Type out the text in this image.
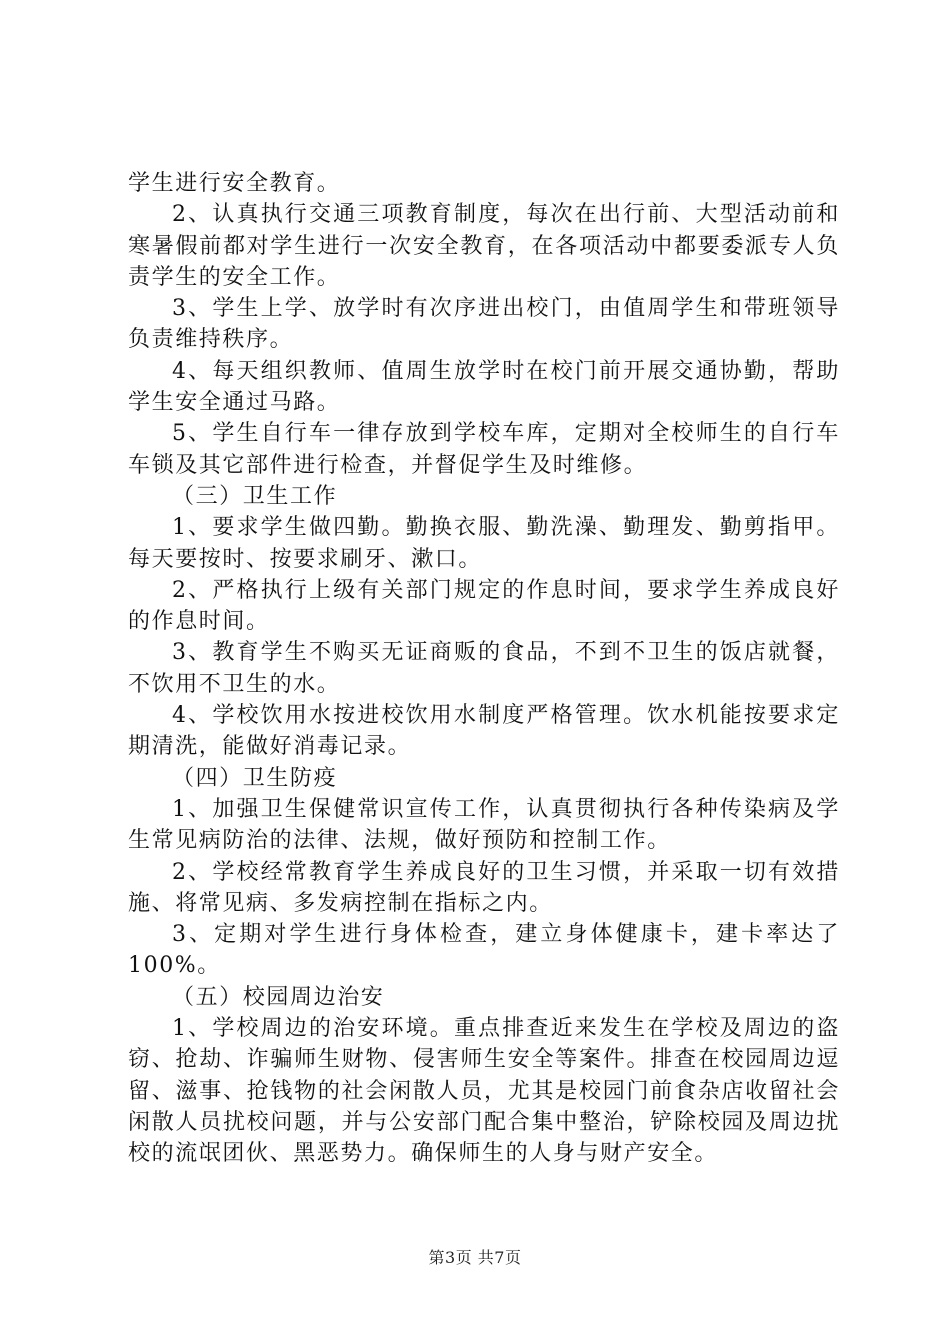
学生进行安全教育。

2、认真执行交通三项教育制度，每次在出行前、大型活动前和寒暑假前都对学生进行一次安全教育，在各项活动中都要委派专人负责学生的安全工作。

3、学生上学、放学时有次序进出校门，由值周学生和带班领导负责维持秩序。

4、每天组织教师、值周生放学时在校门前开展交通协勤，帮助学生安全通过马路。

5、学生自行车一律存放到学校车库，定期对全校师生的自行车车锁及其它部件进行检查，并督促学生及时维修。

（三）卫生工作

1、要求学生做四勤。勤换衣服、勤洗澡、勤理发、勤剪指甲。每天要按时、按要求刷牙、漱口。

2、严格执行上级有关部门规定的作息时间，要求学生养成良好的作息时间。

3、教育学生不购买无证商贩的食品，不到不卫生的饭店就餐，不饮用不卫生的水。

4、学校饮用水按进校饮用水制度严格管理。饮水机能按要求定期清洗，能做好消毒记录。

（四）卫生防疫

1、加强卫生保健常识宣传工作，认真贯彻执行各种传染病及学生常见病防治的法律、法规，做好预防和控制工作。

2、学校经常教育学生养成良好的卫生习惯，并采取一切有效措施、将常见病、多发病控制在指标之内。

3、定期对学生进行身体检查，建立身体健康卡，建卡率达了100%。

（五）校园周边治安

1、学校周边的治安环境。重点排查近来发生在学校及周边的盗窃、抢劫、诈骗师生财物、侵害师生安全等案件。排查在校园周边逗留、滋事、抢钱物的社会闲散人员，尤其是校园门前食杂店收留社会闲散人员扰校问题，并与公安部门配合集中整治，铲除校园及周边扰校的流氓团伙、黑恶势力。确保师生的人身与财产安全。

第3页 共7页
